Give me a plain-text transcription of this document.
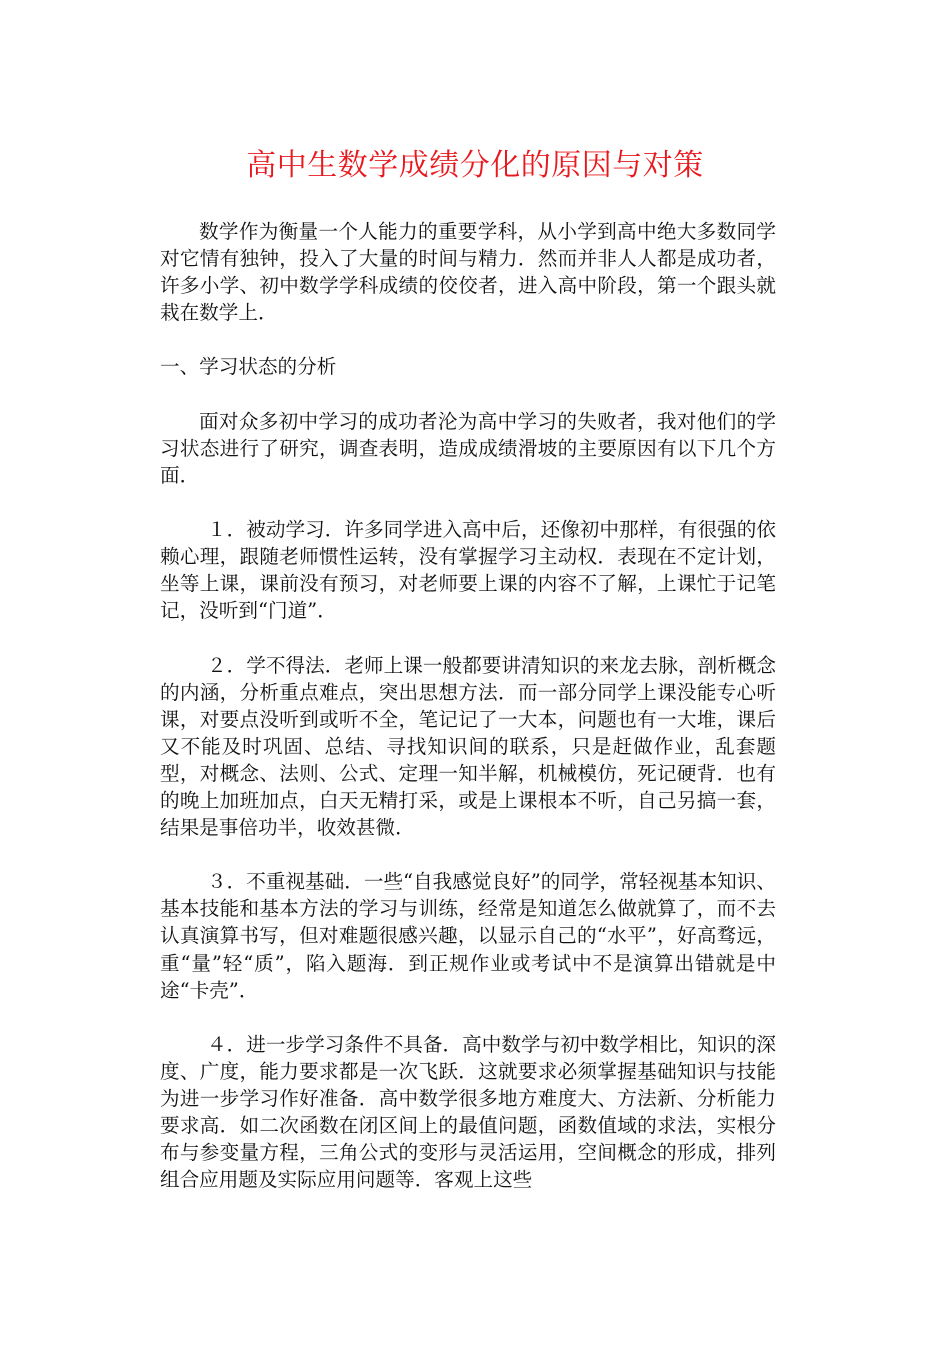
高中生数学成绩分化的原因与对策

数学作为衡量一个人能力的重要学科，从小学到高中绝大多数同学对它情有独钟，投入了大量的时间与精力．然而并非人人都是成功者，许多小学、初中数学学科成绩的佼佼者，进入高中阶段，第一个跟头就栽在数学上．

一、学习状态的分析

面对众多初中学习的成功者沦为高中学习的失败者，我对他们的学习状态进行了研究，调查表明，造成成绩滑坡的主要原因有以下几个方面．

１．被动学习．许多同学进入高中后，还像初中那样，有很强的依赖心理，跟随老师惯性运转，没有掌握学习主动权．表现在不定计划，坐等上课，课前没有预习，对老师要上课的内容不了解，上课忙于记笔记，没听到“门道”．

２．学不得法．老师上课一般都要讲清知识的来龙去脉，剖析概念的内涵，分析重点难点，突出思想方法．而一部分同学上课没能专心听课，对要点没听到或听不全，笔记记了一大本，问题也有一大堆，课后又不能及时巩固、总结、寻找知识间的联系，只是赶做作业，乱套题型，对概念、法则、公式、定理一知半解，机械模仿，死记硬背．也有的晚上加班加点，白天无精打采，或是上课根本不听，自己另搞一套，结果是事倍功半，收效甚微．

３．不重视基础．一些“自我感觉良好”的同学，常轻视基本知识、基本技能和基本方法的学习与训练，经常是知道怎么做就算了，而不去认真演算书写，但对难题很感兴趣，以显示自己的“水平”，好高骛远，重“量”轻“质”，陷入题海．到正规作业或考试中不是演算出错就是中途“卡壳”．

４．进一步学习条件不具备．高中数学与初中数学相比，知识的深度、广度，能力要求都是一次飞跃．这就要求必须掌握基础知识与技能为进一步学习作好准备．高中数学很多地方难度大、方法新、分析能力要求高．如二次函数在闭区间上的最值问题，函数值域的求法，实根分布与参变量方程，三角公式的变形与灵活运用，空间概念的形成，排列组合应用题及实际应用问题等．客观上这些
